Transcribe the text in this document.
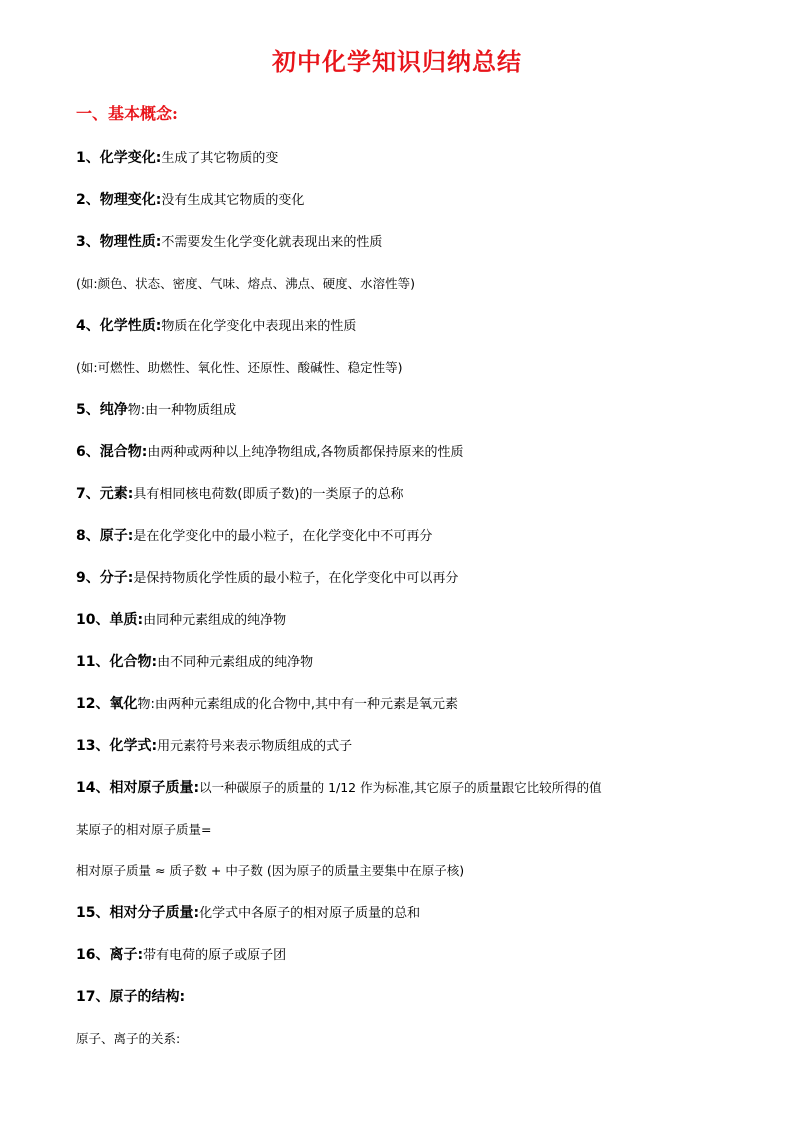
初中化学知识归纳总结
一、基本概念:
1、化学变化:生成了其它物质的变
2、物理变化:没有生成其它物质的变化
3、物理性质:不需要发生化学变化就表现出来的性质
(如:颜色、状态、密度、气味、熔点、沸点、硬度、水溶性等)
4、化学性质:物质在化学变化中表现出来的性质
(如:可燃性、助燃性、氧化性、还原性、酸碱性、稳定性等)
5、纯净物:由一种物质组成
6、混合物:由两种或两种以上纯净物组成,各物质都保持原来的性质
7、元素:具有相同核电荷数(即质子数)的一类原子的总称
8、原子:是在化学变化中的最小粒子，在化学变化中不可再分
9、分子:是保持物质化学性质的最小粒子，在化学变化中可以再分
10、单质:由同种元素组成的纯净物
11、化合物:由不同种元素组成的纯净物
12、氧化物:由两种元素组成的化合物中,其中有一种元素是氧元素
13、化学式:用元素符号来表示物质组成的式子
14、相对原子质量:以一种碳原子的质量的 1/12 作为标准,其它原子的质量跟它比较所得的值
某原子的相对原子质量=
相对原子质量 ≈ 质子数 + 中子数 (因为原子的质量主要集中在原子核)
15、相对分子质量:化学式中各原子的相对原子质量的总和
16、离子:带有电荷的原子或原子团
17、原子的结构:
原子、离子的关系:
